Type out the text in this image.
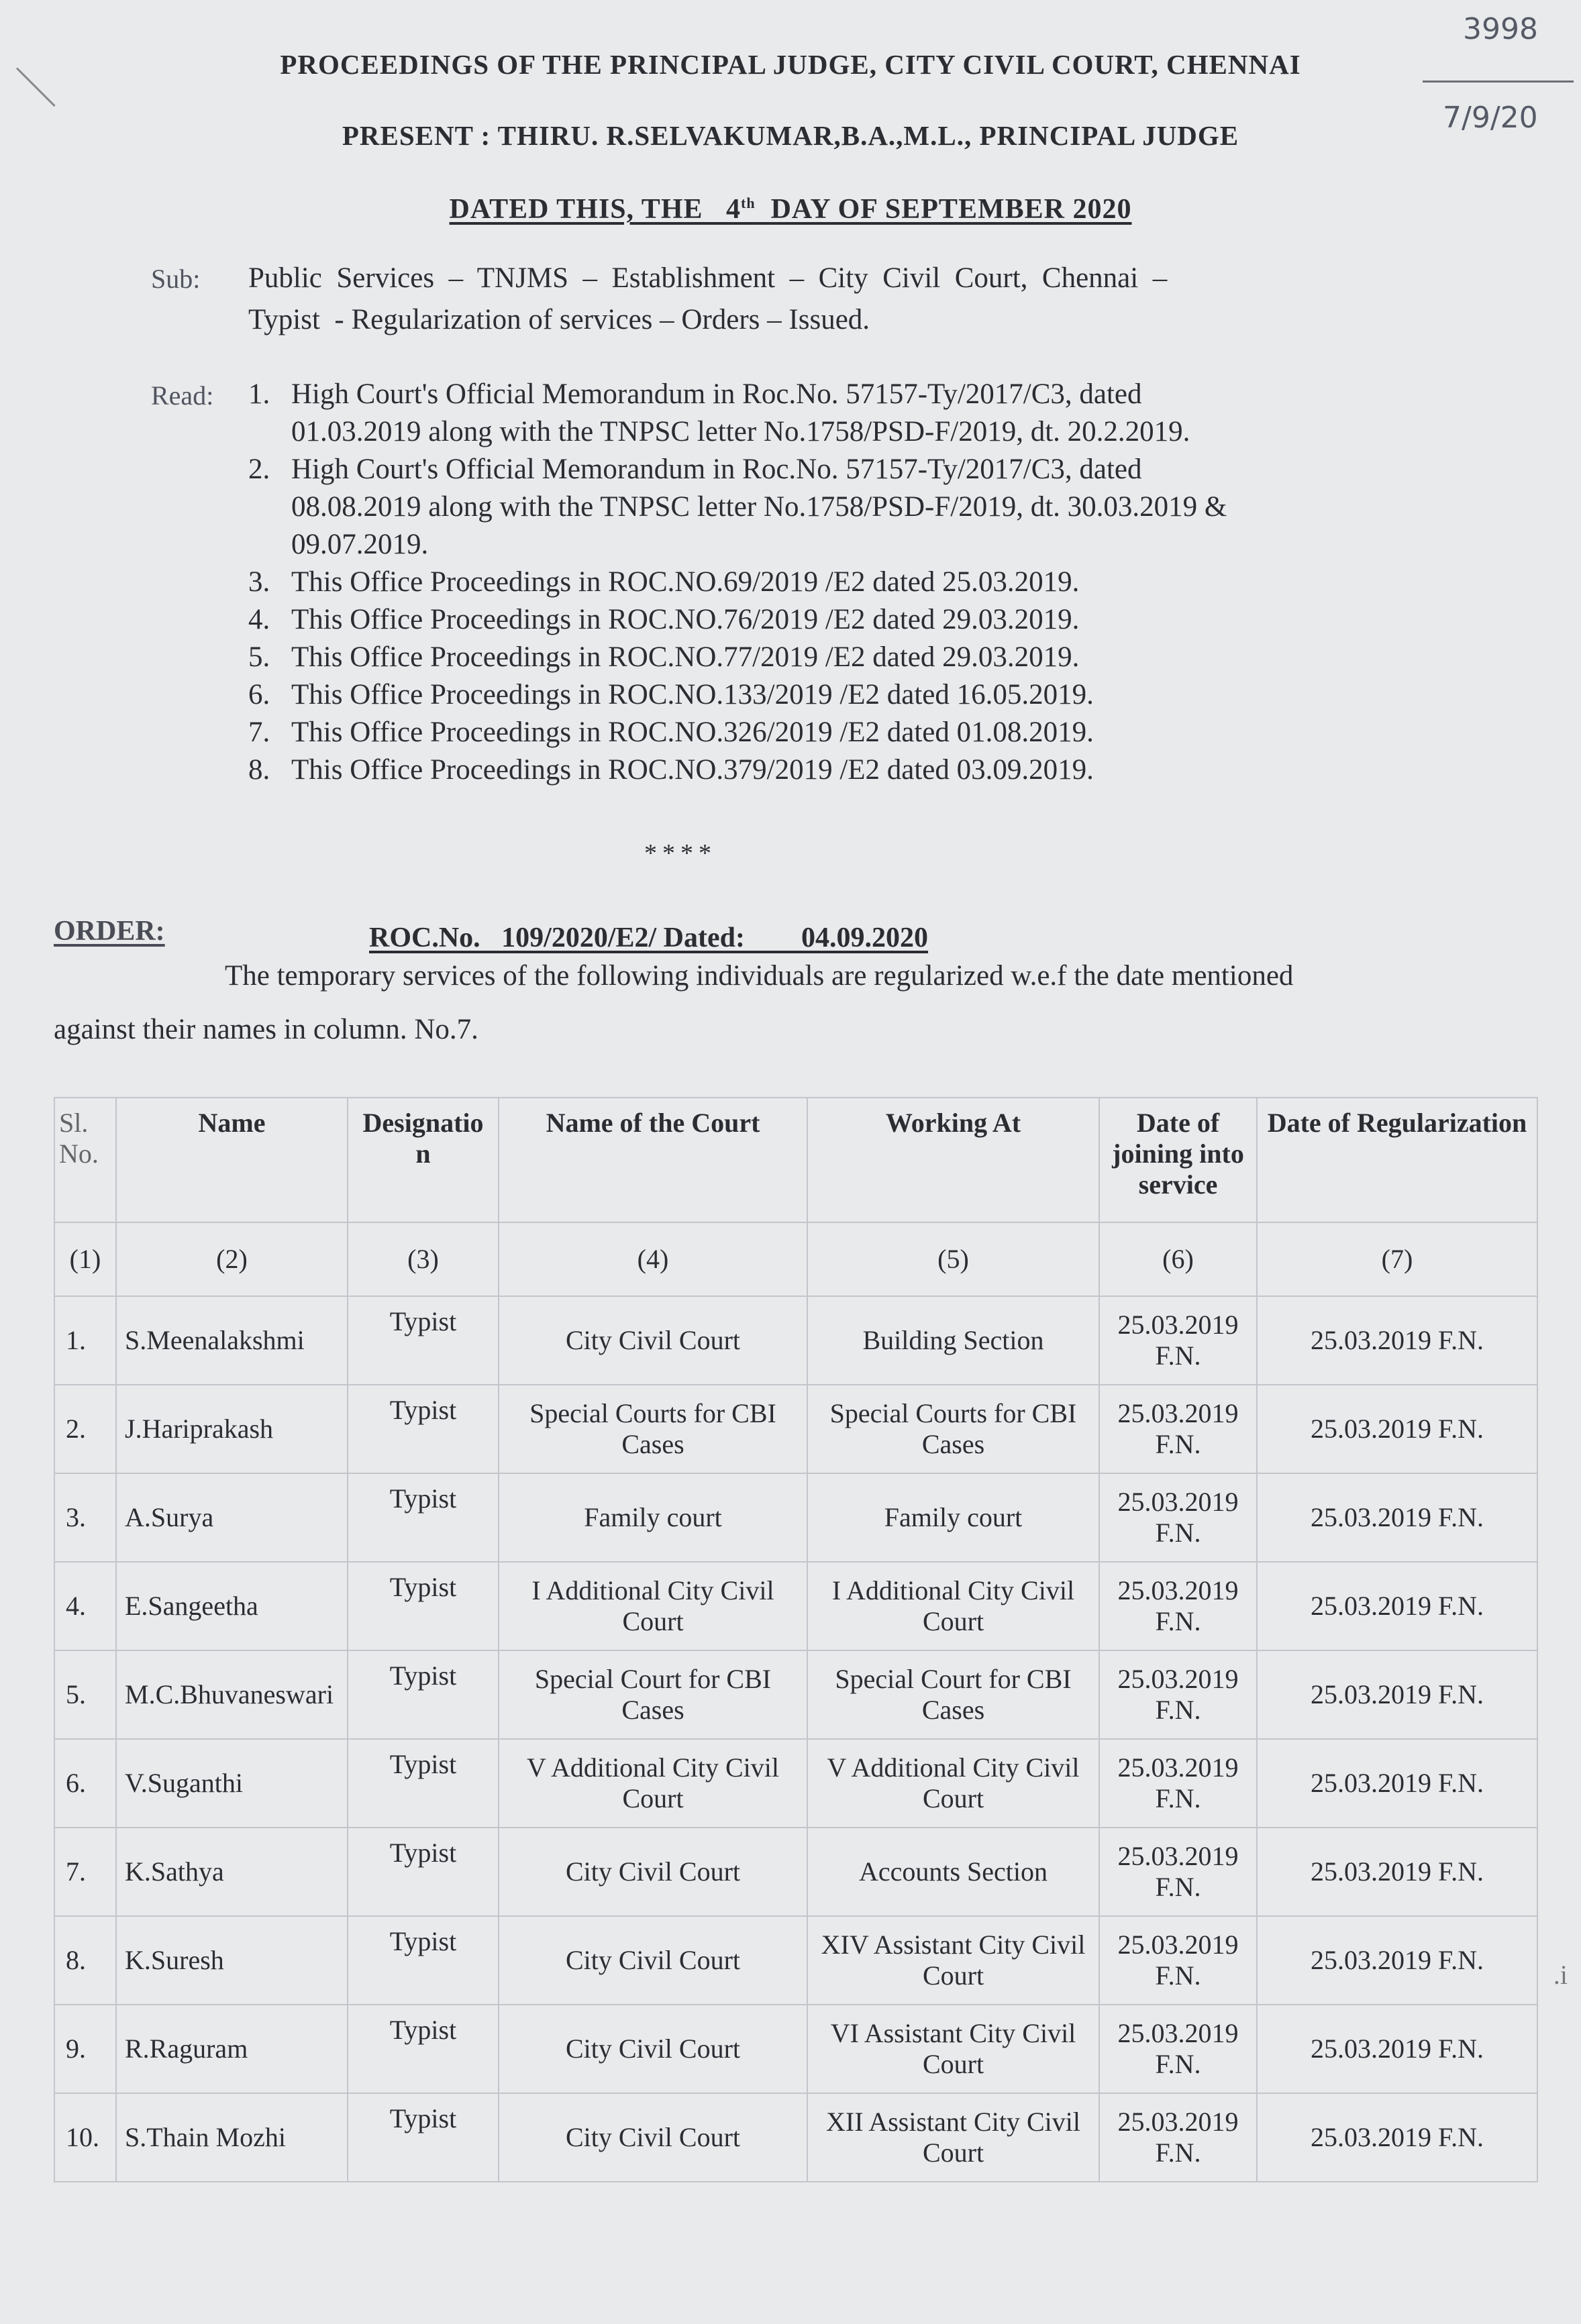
3998
7/9/20
PROCEEDINGS OF THE PRINCIPAL JUDGE, CITY CIVIL COURT, CHENNAI
PRESENT : THIRU. R.SELVAKUMAR,B.A.,M.L., PRINCIPAL JUDGE
DATED THIS, THE 4th DAY OF SEPTEMBER 2020
Sub: Public  Services  –  TNJMS  –  Establishment  –  City  Civil  Court,  Chennai  –
Typist  - Regularization of services – Orders – Issued.
Read: 1. High Court's Official Memorandum in Roc.No. 57157-Ty/2017/C3, dated 01.03.2019 along with the TNPSC letter No.1758/PSD-F/2019, dt. 20.2.2019.
2. High Court's Official Memorandum in Roc.No. 57157-Ty/2017/C3, dated 08.08.2019 along with the TNPSC letter No.1758/PSD-F/2019, dt. 30.03.2019 & 09.07.2019.
3. This Office Proceedings in ROC.NO.69/2019 /E2 dated 25.03.2019.
4. This Office Proceedings in ROC.NO.76/2019 /E2 dated 29.03.2019.
5. This Office Proceedings in ROC.NO.77/2019 /E2 dated 29.03.2019.
6. This Office Proceedings in ROC.NO.133/2019 /E2 dated 16.05.2019.
7. This Office Proceedings in ROC.NO.326/2019 /E2 dated 01.08.2019.
8. This Office Proceedings in ROC.NO.379/2019 /E2 dated 03.09.2019.
****
ORDER:	ROC.No.   109/2020/E2/ Dated: 04.09.2020
The temporary services of the following individuals are regularized w.e.f the date mentioned
against their names in column. No.7.
Sl. No.	Name	Designatio n	Name of the Court	Working At	Date of joining into service	Date of Regularization
(1)	(2)	(3)	(4)	(5)	(6)	(7)
1.	S.Meenalakshmi	Typist	City Civil Court	Building Section	25.03.2019 F.N.	25.03.2019 F.N.
2.	J.Hariprakash	Typist	Special Courts for CBI Cases	Special Courts for CBI Cases	25.03.2019 F.N.	25.03.2019 F.N.
3.	A.Surya	Typist	Family court	Family court	25.03.2019 F.N.	25.03.2019 F.N.
4.	E.Sangeetha	Typist	I Additional City Civil Court	I Additional City Civil Court	25.03.2019 F.N.	25.03.2019 F.N.
5.	M.C.Bhuvaneswari	Typist	Special Court for CBI Cases	Special Court for CBI Cases	25.03.2019 F.N.	25.03.2019 F.N.
6.	V.Suganthi	Typist	V Additional City Civil Court	V Additional City Civil Court	25.03.2019 F.N.	25.03.2019 F.N.
7.	K.Sathya	Typist	City Civil Court	Accounts Section	25.03.2019 F.N.	25.03.2019 F.N.
8.	K.Suresh	Typist	City Civil Court	XIV Assistant City Civil Court	25.03.2019 F.N.	25.03.2019 F.N.
9.	R.Raguram	Typist	City Civil Court	VI Assistant City Civil Court	25.03.2019 F.N.	25.03.2019 F.N.
10.	S.Thain Mozhi	Typist	City Civil Court	XII Assistant City Civil Court	25.03.2019 F.N.	25.03.2019 F.N.
.i
